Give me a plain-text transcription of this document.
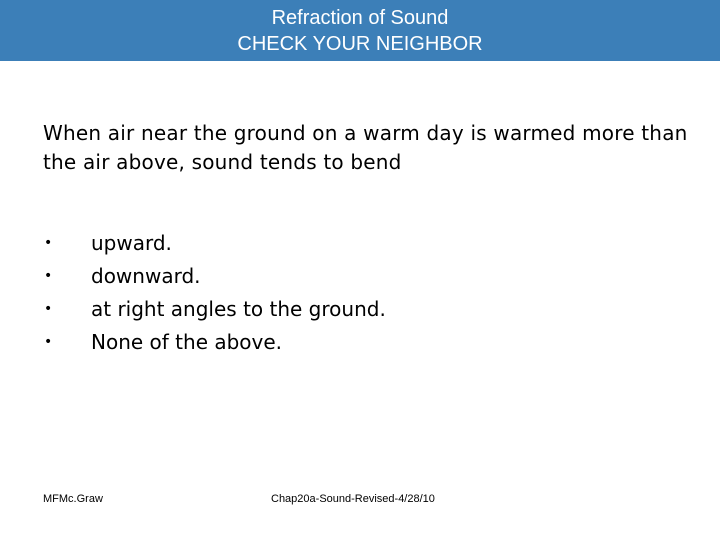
Refraction of Sound
CHECK YOUR NEIGHBOR
When air near the ground on a warm day is warmed more than the air above, sound tends to bend
• upward.
• downward.
• at right angles to the ground.
• None of the above.
MFMc.Graw	Chap20a-Sound-Revised-4/28/10
